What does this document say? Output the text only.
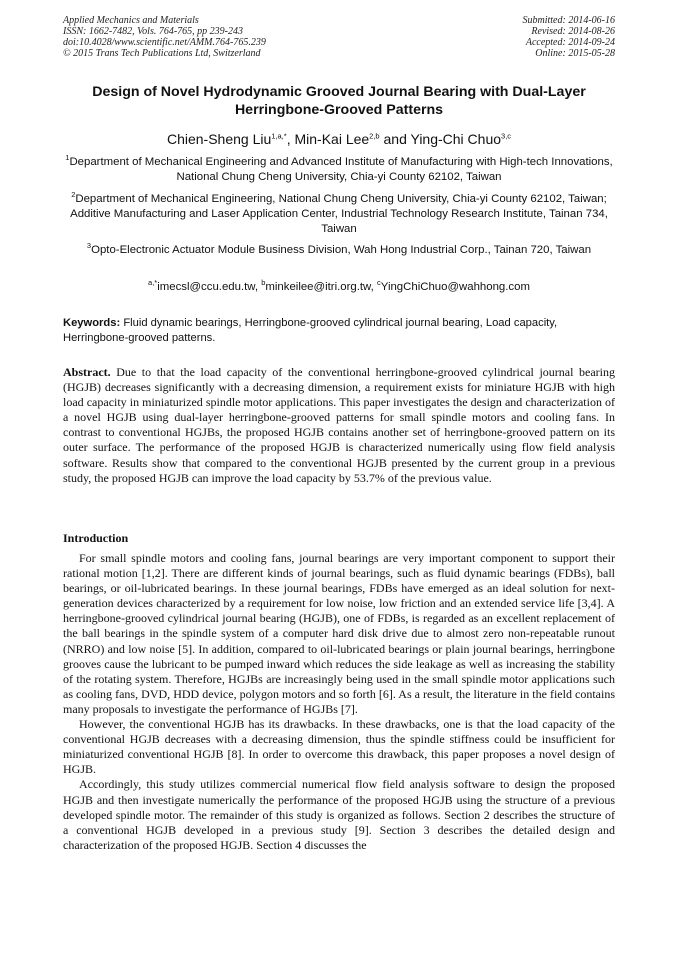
Applied Mechanics and Materials
ISSN: 1662-7482, Vols. 764-765, pp 239-243
doi:10.4028/www.scientific.net/AMM.764-765.239
© 2015 Trans Tech Publications Ltd, Switzerland
Submitted: 2014-06-16
Revised: 2014-08-26
Accepted: 2014-09-24
Online: 2015-05-28
Design of Novel Hydrodynamic Grooved Journal Bearing with Dual-Layer
Herringbone-Grooved Patterns
Chien-Sheng Liu$^{1,a,*}$, Min-Kai Lee$^{2,b}$ and Ying-Chi Chuo$^{3,c}$
$^1$Department of Mechanical Engineering and Advanced Institute of Manufacturing with High-tech Innovations, National Chung Cheng University, Chia-yi County 62102, Taiwan
$^2$Department of Mechanical Engineering, National Chung Cheng University, Chia-yi County 62102, Taiwan; Additive Manufacturing and Laser Application Center, Industrial Technology Research Institute, Tainan 734, Taiwan
$^3$Opto-Electronic Actuator Module Business Division, Wah Hong Industrial Corp., Tainan 720, Taiwan
$^{a,*}$imecsl@ccu.edu.tw, $^b$minkeilee@itri.org.tw, $^c$YingChiChuo@wahhong.com
Keywords: Fluid dynamic bearings, Herringbone-grooved cylindrical journal bearing, Load capacity, Herringbone-grooved patterns.
Abstract. Due to that the load capacity of the conventional herringbone-grooved cylindrical journal bearing (HGJB) decreases significantly with a decreasing dimension, a requirement exists for miniature HGJB with high load capacity in miniaturized spindle motor applications. This paper investigates the design and characterization of a novel HGJB using dual-layer herringbone-grooved patterns for small spindle motors and cooling fans. In contrast to conventional HGJBs, the proposed HGJB contains another set of herringbone-grooved pattern on its outer surface. The performance of the proposed HGJB is characterized numerically using flow field analysis software. Results show that compared to the conventional HGJB presented by the current group in a previous study, the proposed HGJB can improve the load capacity by 53.7% of the previous value.
Introduction

For small spindle motors and cooling fans, journal bearings are very important component to support their rational motion [1,2]. There are different kinds of journal bearings, such as fluid dynamic bearings (FDBs), ball bearings, or oil-lubricated bearings. In these journal bearings, FDBs have emerged as an ideal solution for next-generation devices characterized by a requirement for low noise, low friction and an extended service life [3,4]. A herringbone-grooved cylindrical journal bearing (HGJB), one of FDBs, is regarded as an excellent replacement of the ball bearings in the spindle system of a computer hard disk drive due to almost zero non-repeatable runout (NRRO) and low noise [5]. In addition, compared to oil-lubricated bearings or plain journal bearings, herringbone grooves cause the lubricant to be pumped inward which reduces the side leakage as well as increasing the stability of the rotating system. Therefore, HGJBs are increasingly being used in the small spindle motor applications such as cooling fans, DVD, HDD device, polygon motors and so forth [6]. As a result, the literature in the field contains many proposals to investigate the performance of HGJBs [7].

However, the conventional HGJB has its drawbacks. In these drawbacks, one is that the load capacity of the conventional HGJB decreases with a decreasing dimension, thus the spindle stiffness could be insufficient for miniaturized conventional HGJB [8]. In order to overcome this drawback, this paper proposes a novel design of HGJB.

Accordingly, this study utilizes commercial numerical flow field analysis software to design the proposed HGJB and then investigate numerically the performance of the proposed HGJB using the structure of a previous developed spindle motor. The remainder of this study is organized as follows. Section 2 describes the structure of a conventional HGJB developed in a previous study [9]. Section 3 describes the detailed design and characterization of the proposed HGJB. Section 4 discusses the
